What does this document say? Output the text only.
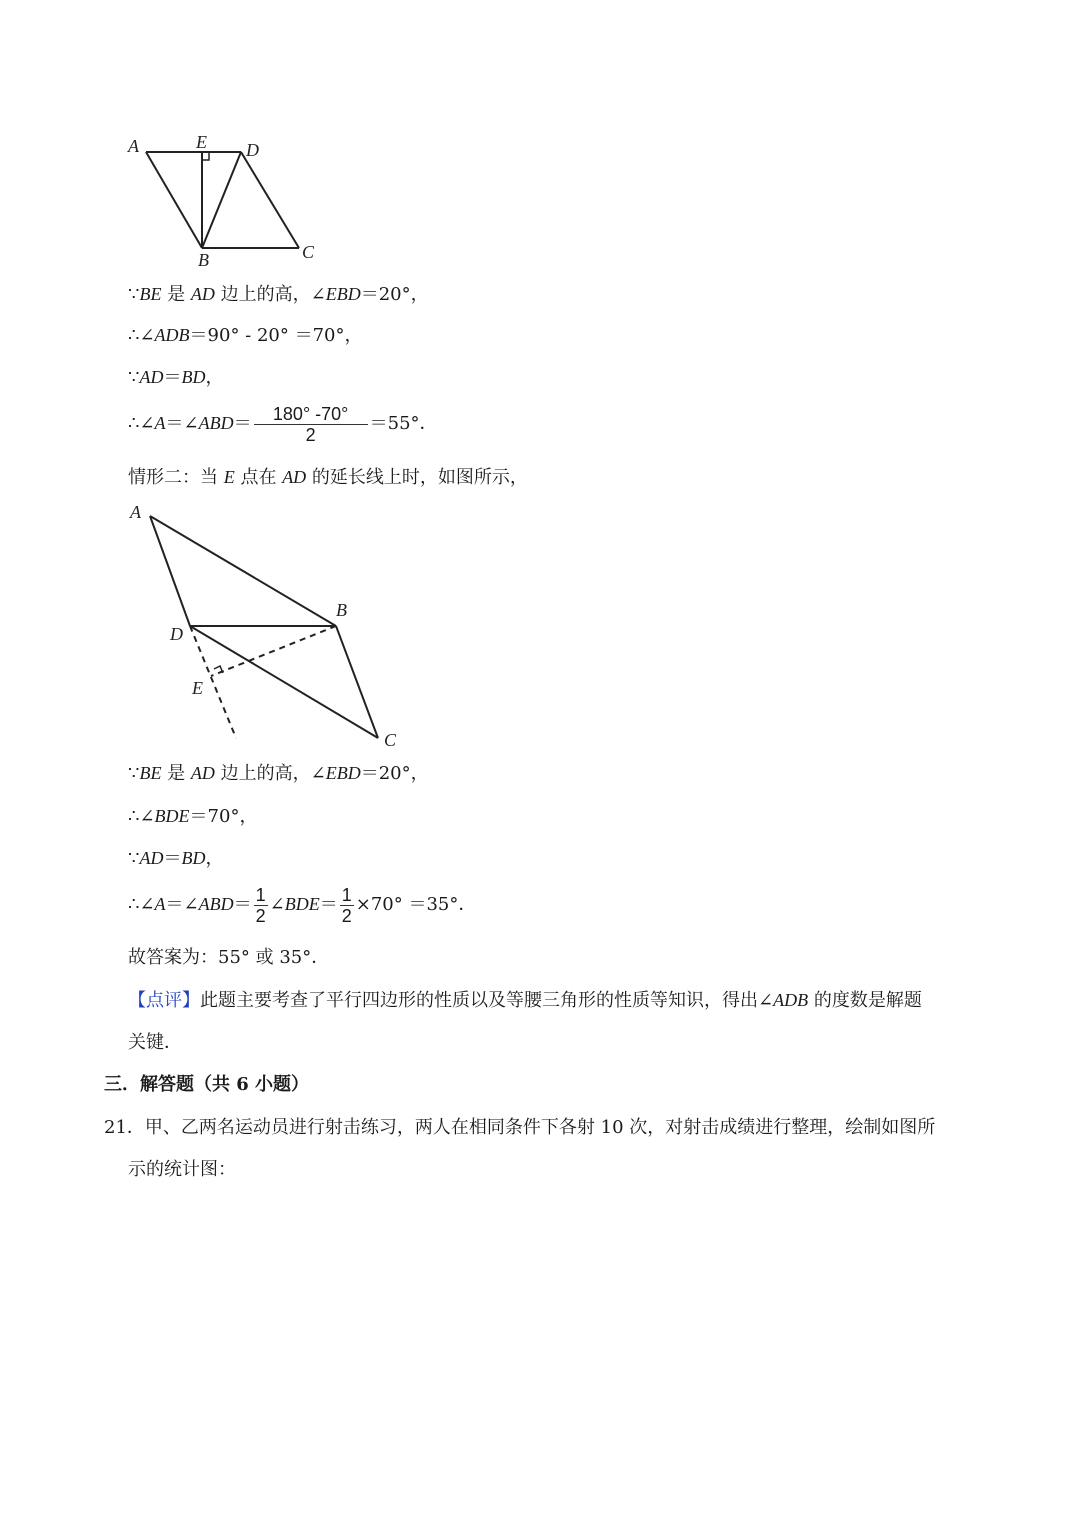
A	E D
B	C
∵BE 是 AD 边上的高，∠EBD＝20°，
∴∠ADB＝90° - 20° ＝70°，
∵AD＝BD，
∴∠A＝∠ABD＝ $\frac{180^\circ -70^\circ}{2} =55^\circ$．
情形二：当 E 点在 AD 的延长线上时，如图所示，
A
B
D
E
C
∵BE 是 AD 边上的高，∠EBD＝20°，
∴∠BDE＝70°，
∵AD＝BD，
∴∠A＝∠ABD＝ $\frac{1}{2}$ ∠BDE＝ $\frac{1}{2} \times 70^\circ =35^\circ$．
故答案为：55° 或 35°．
【点评】此题主要考查了平行四边形的性质以及等腰三角形的性质等知识，得出∠ADB 的度数是解题
关键．
三．解答题（共 6 小题）
21．甲、乙两名运动员进行射击练习，两人在相同条件下各射 10 次，对射击成绩进行整理，绘制如图所
示的统计图：
